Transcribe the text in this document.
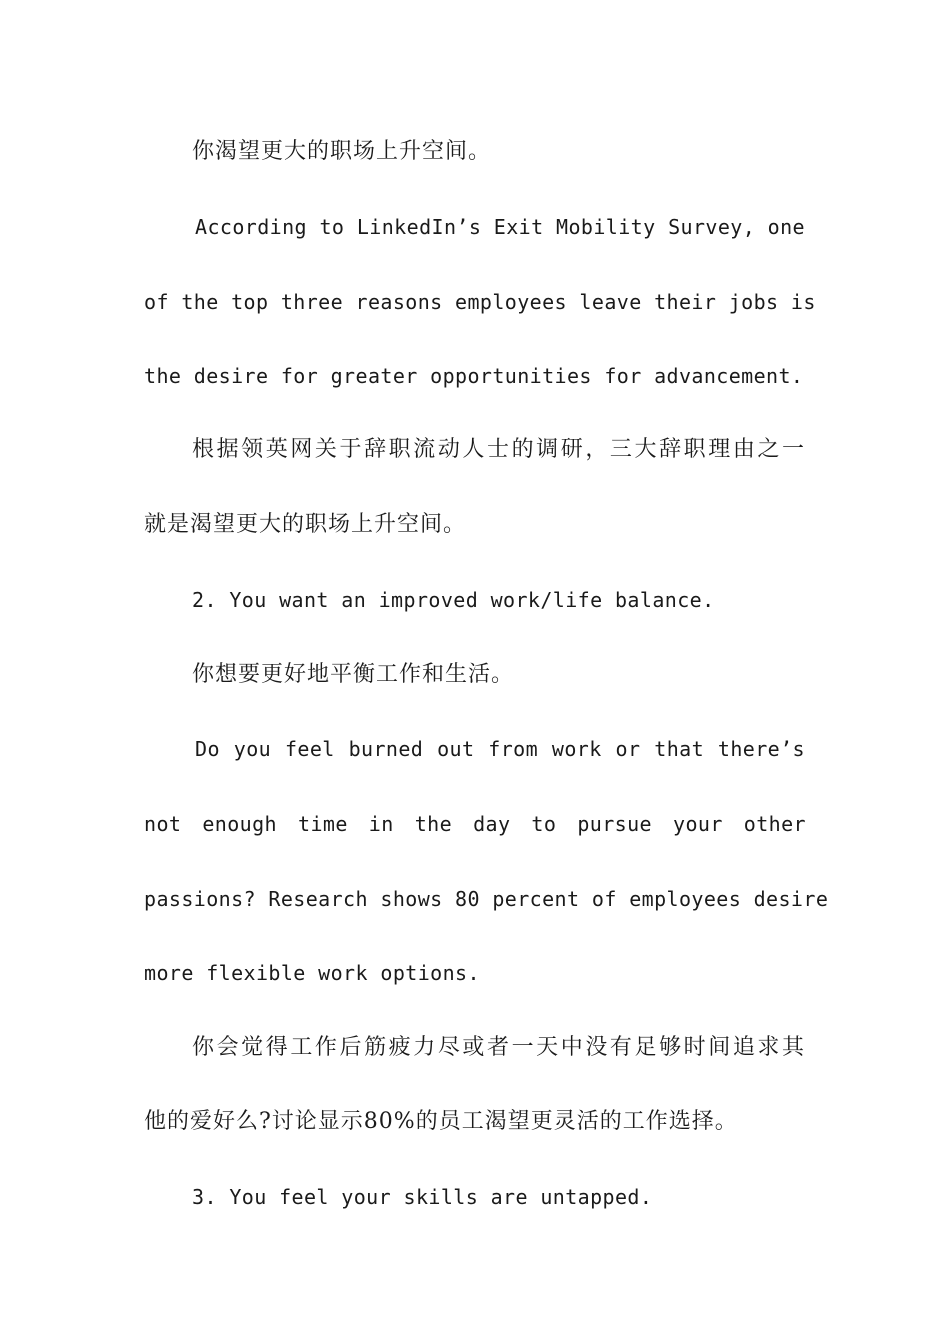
你渴望更大的职场上升空间。

According to LinkedIn’s Exit Mobility Survey, one

of the top three reasons employees leave their jobs is

the desire for greater opportunities for advancement.

根据领英网关于辞职流动人士的调研，三大辞职理由之一

就是渴望更大的职场上升空间。

2. You want an improved work/life balance.

你想要更好地平衡工作和生活。

Do you feel burned out from work or that there’s

not enough time in the day to pursue your other

passions? Research shows 80 percent of employees desire

more flexible work options.

你会觉得工作后筋疲力尽或者一天中没有足够时间追求其

他的爱好么?讨论显示80%的员工渴望更灵活的工作选择。

3. You feel your skills are untapped.
